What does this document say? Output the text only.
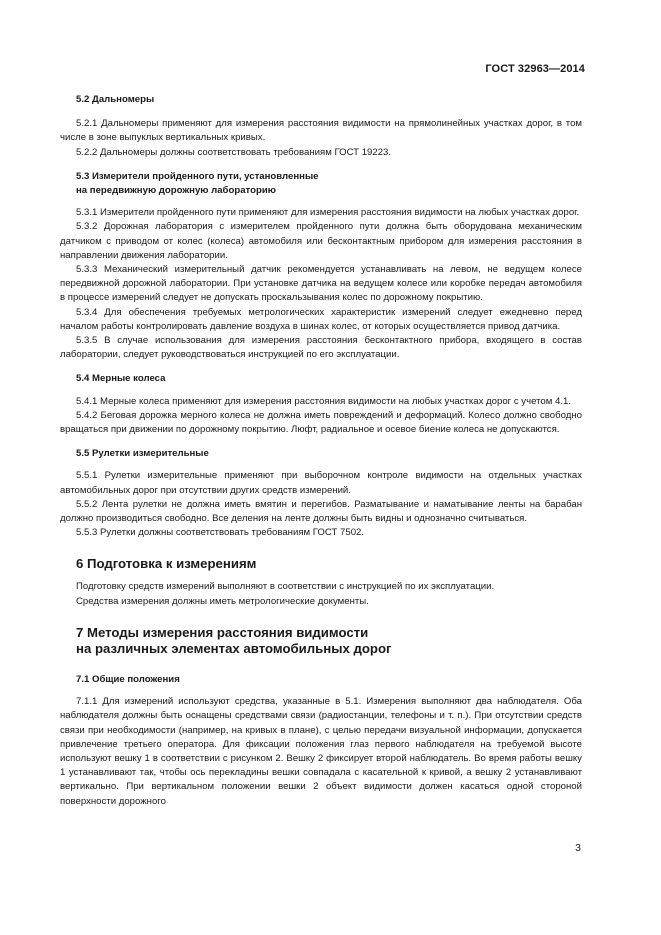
ГОСТ 32963—2014
5.2 Дальномеры
5.2.1 Дальномеры применяют для измерения расстояния видимости на прямолинейных участках дорог, в том числе в зоне выпуклых вертикальных кривых.
5.2.2 Дальномеры должны соответствовать требованиям ГОСТ 19223.
5.3 Измерители пройденного пути, установленные
на передвижную дорожную лабораторию
5.3.1 Измерители пройденного пути применяют для измерения расстояния видимости на любых участках дорог.
5.3.2 Дорожная лаборатория с измерителем пройденного пути должна быть оборудована механическим датчиком с приводом от колес (колеса) автомобиля или бесконтактным прибором для измерения расстояния в направлении движения лаборатории.
5.3.3 Механический измерительный датчик рекомендуется устанавливать на левом, не ведущем колесе передвижной дорожной лаборатории. При установке датчика на ведущем колесе или коробке передач автомобиля в процессе измерений следует не допускать проскальзывания колес по дорожному покрытию.
5.3.4 Для обеспечения требуемых метрологических характеристик измерений следует ежедневно перед началом работы контролировать давление воздуха в шинах колес, от которых осуществляется привод датчика.
5.3.5 В случае использования для измерения расстояния бесконтактного прибора, входящего в состав лаборатории, следует руководствоваться инструкцией по его эксплуатации.
5.4 Мерные колеса
5.4.1 Мерные колеса применяют для измерения расстояния видимости на любых участках дорог с учетом 4.1.
5.4.2 Беговая дорожка мерного колеса не должна иметь повреждений и деформаций. Колесо должно свободно вращаться при движении по дорожному покрытию. Люфт, радиальное и осевое биение колеса не допускаются.
5.5 Рулетки измерительные
5.5.1 Рулетки измерительные применяют при выборочном контроле видимости на отдельных участках автомобильных дорог при отсутствии других средств измерений.
5.5.2 Лента рулетки не должна иметь вмятин и перегибов. Разматывание и наматывание ленты на барабан должно производиться свободно. Все деления на ленте должны быть видны и однозначно считываться.
5.5.3 Рулетки должны соответствовать требованиям ГОСТ 7502.
6 Подготовка к измерениям
Подготовку средств измерений выполняют в соответствии с инструкцией по их эксплуатации.
Средства измерения должны иметь метрологические документы.
7 Методы измерения расстояния видимости
на различных элементах автомобильных дорог
7.1 Общие положения
7.1.1 Для измерений используют средства, указанные в 5.1. Измерения выполняют два наблюдателя. Оба наблюдателя должны быть оснащены средствами связи (радиостанции, телефоны и т. п.). При отсутствии средств связи при необходимости (например, на кривых в плане), с целью передачи визуальной информации, допускается привлечение третьего оператора. Для фиксации положения глаз первого наблюдателя на требуемой высоте используют вешку 1 в соответствии с рисунком 2. Вешку 2 фиксирует второй наблюдатель. Во время работы вешку 1 устанавливают так, чтобы ось перекладины вешки совпадала с касательной к кривой, а вешку 2 устанавливают вертикально. При вертикальном положении вешки 2 объект видимости должен касаться одной стороной поверхности дорожного
3
